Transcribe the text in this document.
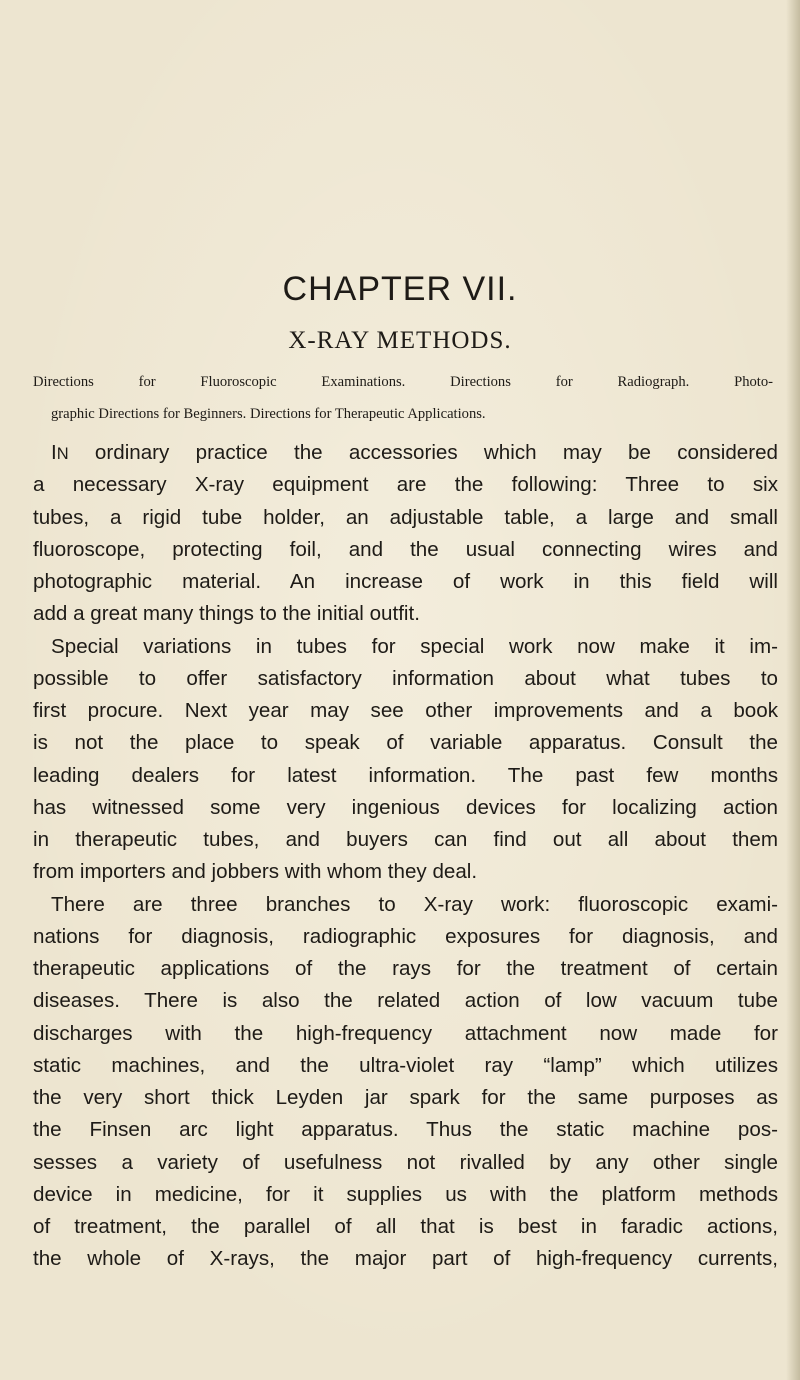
CHAPTER VII.
X-RAY METHODS.

Directions for Fluoroscopic Examinations. Directions for Radiograph. Photo-
graphic Directions for Beginners. Directions for Therapeutic Applications.

IN ordinary practice the accessories which may be considered
a necessary X-ray equipment are the following: Three to six
tubes, a rigid tube holder, an adjustable table, a large and small
fluoroscope, protecting foil, and the usual connecting wires and
photographic material. An increase of work in this field will
add a great many things to the initial outfit.
Special variations in tubes for special work now make it im-
possible to offer satisfactory information about what tubes to
first procure. Next year may see other improvements and a book
is not the place to speak of variable apparatus. Consult the
leading dealers for latest information. The past few months
has witnessed some very ingenious devices for localizing action
in therapeutic tubes, and buyers can find out all about them
from importers and jobbers with whom they deal.
There are three branches to X-ray work: fluoroscopic exami-
nations for diagnosis, radiographic exposures for diagnosis, and
therapeutic applications of the rays for the treatment of certain
diseases. There is also the related action of low vacuum tube
discharges with the high-frequency attachment now made for
static machines, and the ultra-violet ray “lamp” which utilizes
the very short thick Leyden jar spark for the same purposes as
the Finsen arc light apparatus. Thus the static machine pos-
sesses a variety of usefulness not rivalled by any other single
device in medicine, for it supplies us with the platform methods
of treatment, the parallel of all that is best in faradic actions,
the whole of X-rays, the major part of high-frequency currents,
